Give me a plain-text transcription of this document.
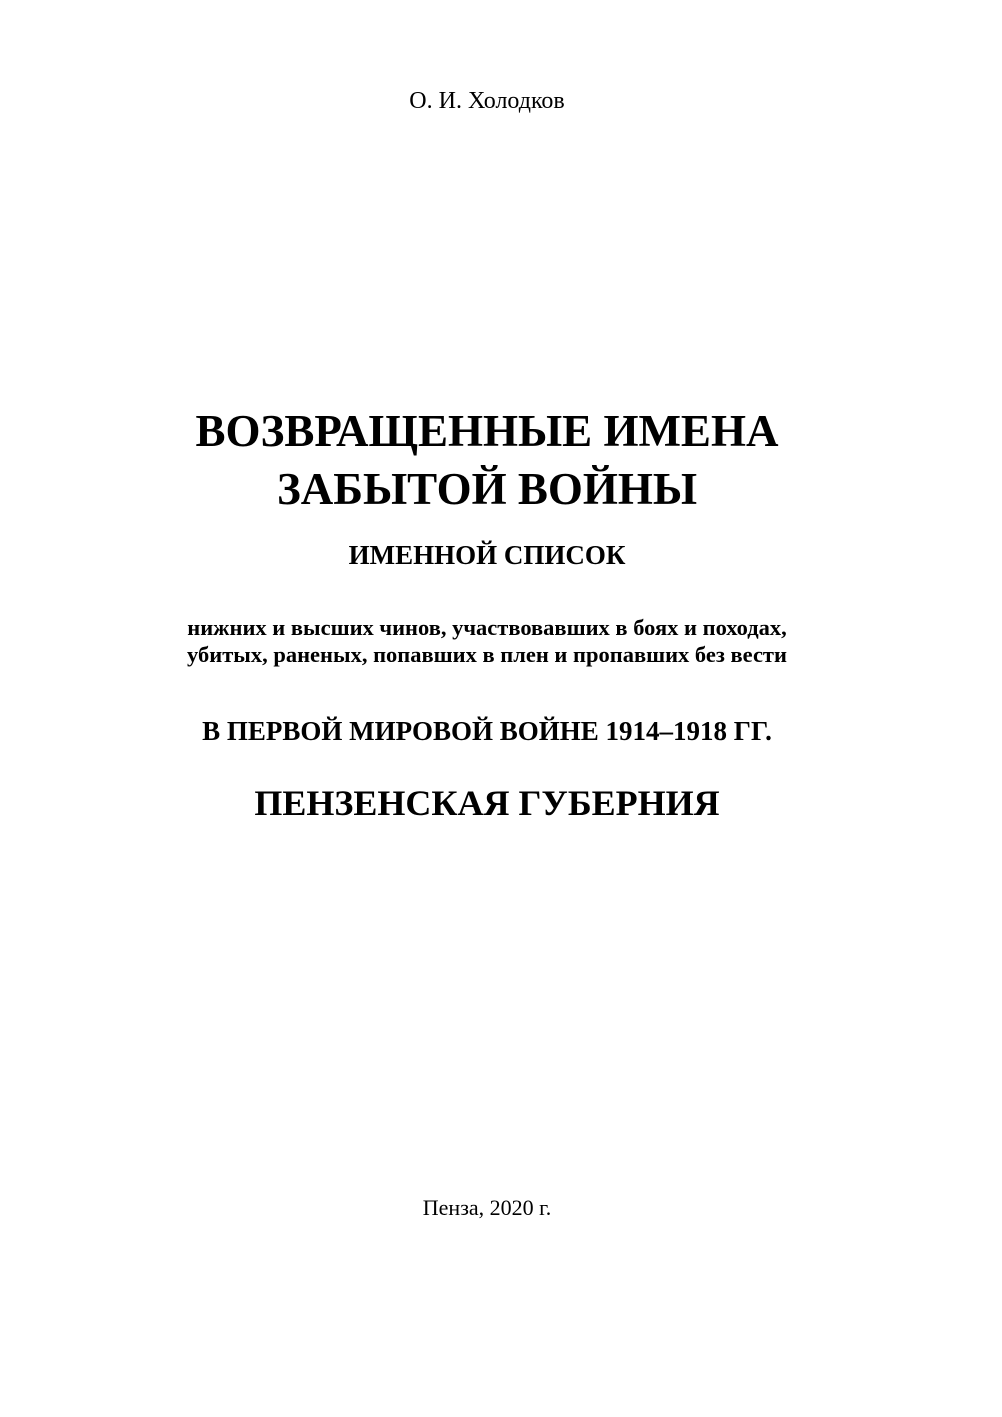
О. И. Холодков

ВОЗВРАЩЕННЫЕ ИМЕНА
ЗАБЫТОЙ ВОЙНЫ

ИМЕННОЙ СПИСОК

нижних и высших чинов, участвовавших в боях и походах,
убитых, раненых, попавших в плен и пропавших без вести

В ПЕРВОЙ МИРОВОЙ ВОЙНЕ 1914–1918 ГГ.

ПЕНЗЕНСКАЯ ГУБЕРНИЯ

Пенза, 2020 г.
